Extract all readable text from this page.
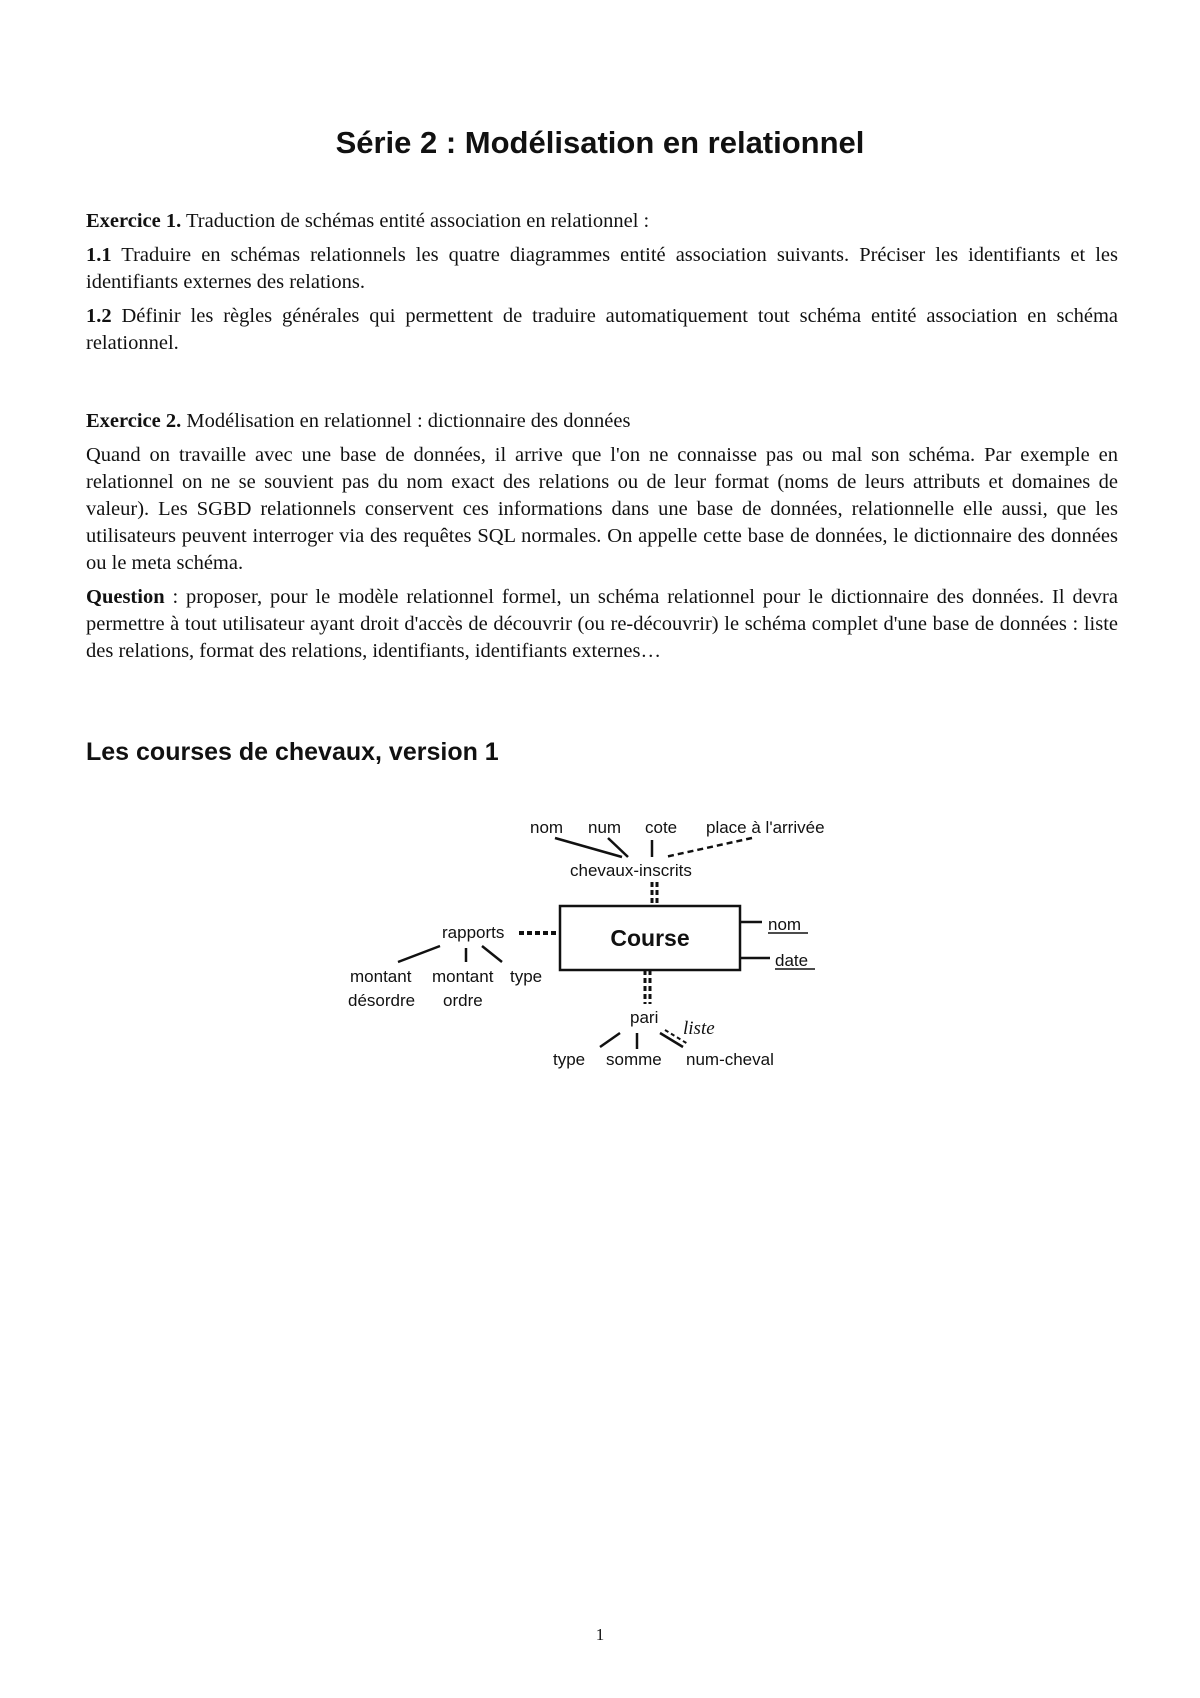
Série 2 : Modélisation en relationnel

Exercice 1. Traduction de schémas entité association en relationnel :

1.1 Traduire en schémas relationnels les quatre diagrammes entité association suivants. Préciser les identifiants et les identifiants externes des relations.

1.2 Définir les règles générales qui permettent de traduire automatiquement tout schéma entité association en schéma relationnel.

Exercice 2. Modélisation en relationnel : dictionnaire des données

Quand on travaille avec une base de données, il arrive que l'on ne connaisse pas ou mal son schéma. Par exemple en relationnel on ne se souvient pas du nom exact des relations ou de leur format (noms de leurs attributs et domaines de valeur). Les SGBD relationnels conservent ces informations dans une base de données, relationnelle elle aussi, que les utilisateurs peuvent interroger via des requêtes SQL normales. On appelle cette base de données, le dictionnaire des données ou le meta schéma.

Question : proposer, pour le modèle relationnel formel, un schéma relationnel pour le dictionnaire des données. Il devra permettre à tout utilisateur ayant droit d'accès de découvrir (ou re-découvrir) le schéma complet d'une base de données : liste des relations, format des relations, identifiants, identifiants externes…

Les courses de chevaux, version 1
Course
nom
date
nom num cote place à l'arrivée
chevaux-inscrits
rapports
montant
désordre
montant
ordre
type
pari
liste
type somme num-cheval
1
